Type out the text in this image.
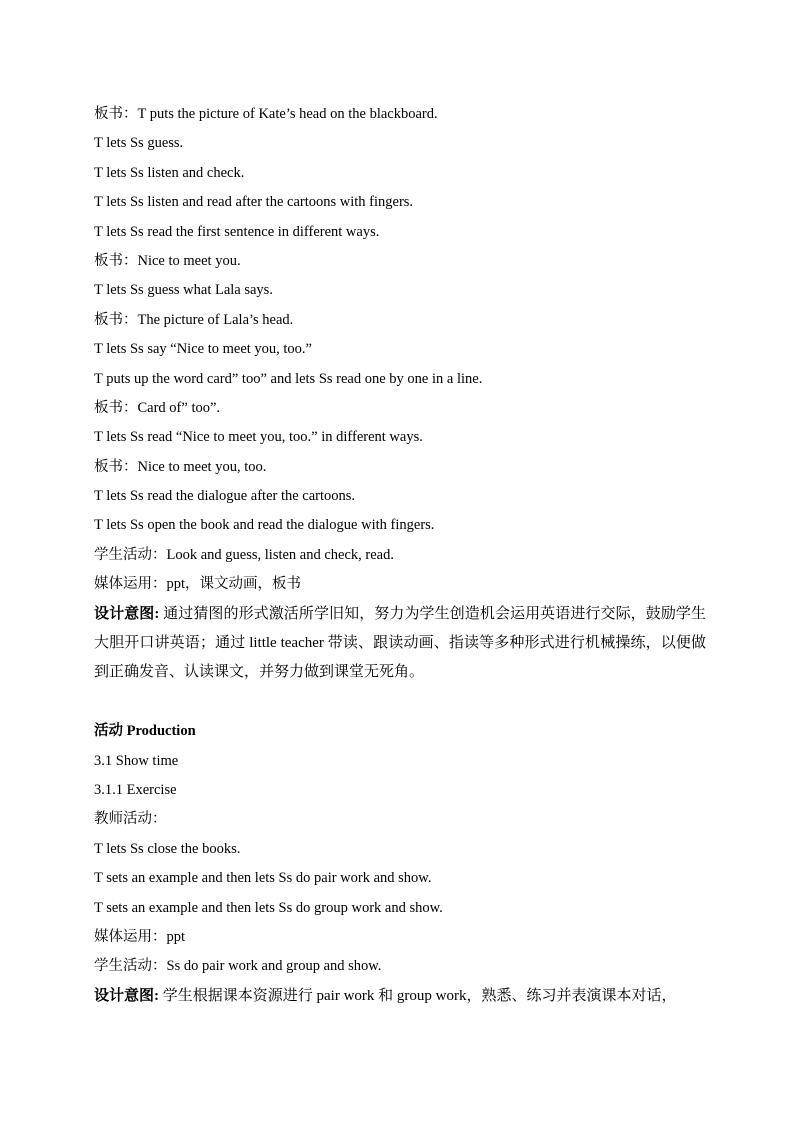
板书：T puts the picture of Kate’s head on the blackboard.
T lets Ss guess.
T lets Ss listen and check.
T lets Ss listen and read after the cartoons with fingers.
T lets Ss read the first sentence in different ways.
板书：Nice to meet you.
T lets Ss guess what Lala says.
板书：The picture of Lala’s head.
T lets Ss say “Nice to meet you, too.”
T puts up the word card” too” and lets Ss read one by one in a line.
板书：Card of” too”.
T lets Ss read “Nice to meet you, too.” in different ways.
板书：Nice to meet you, too.
T lets Ss read the dialogue after the cartoons.
T lets Ss open the book and read the dialogue with fingers.
学生活动：Look and guess, listen and check, read.
媒体运用：ppt，课文动画，板书
设计意图: 通过猜图的形式激活所学旧知，努力为学生创造机会运用英语进行交际，鼓励学生大胆开口讲英语；通过 little teacher 带读、跟读动画、指读等多种形式进行机械操练，以便做到正确发音、认读课文，并努力做到课堂无死角。
活动 Production
3.1 Show time
3.1.1 Exercise
教师活动：
T lets Ss close the books.
T sets an example and then lets Ss do pair work and show.
T sets an example and then lets Ss do group work and show.
媒体运用：ppt
学生活动：Ss do pair work and group and show.
设计意图: 学生根据课本资源进行 pair work 和 group work，熟悉、练习并表演课本对话，
